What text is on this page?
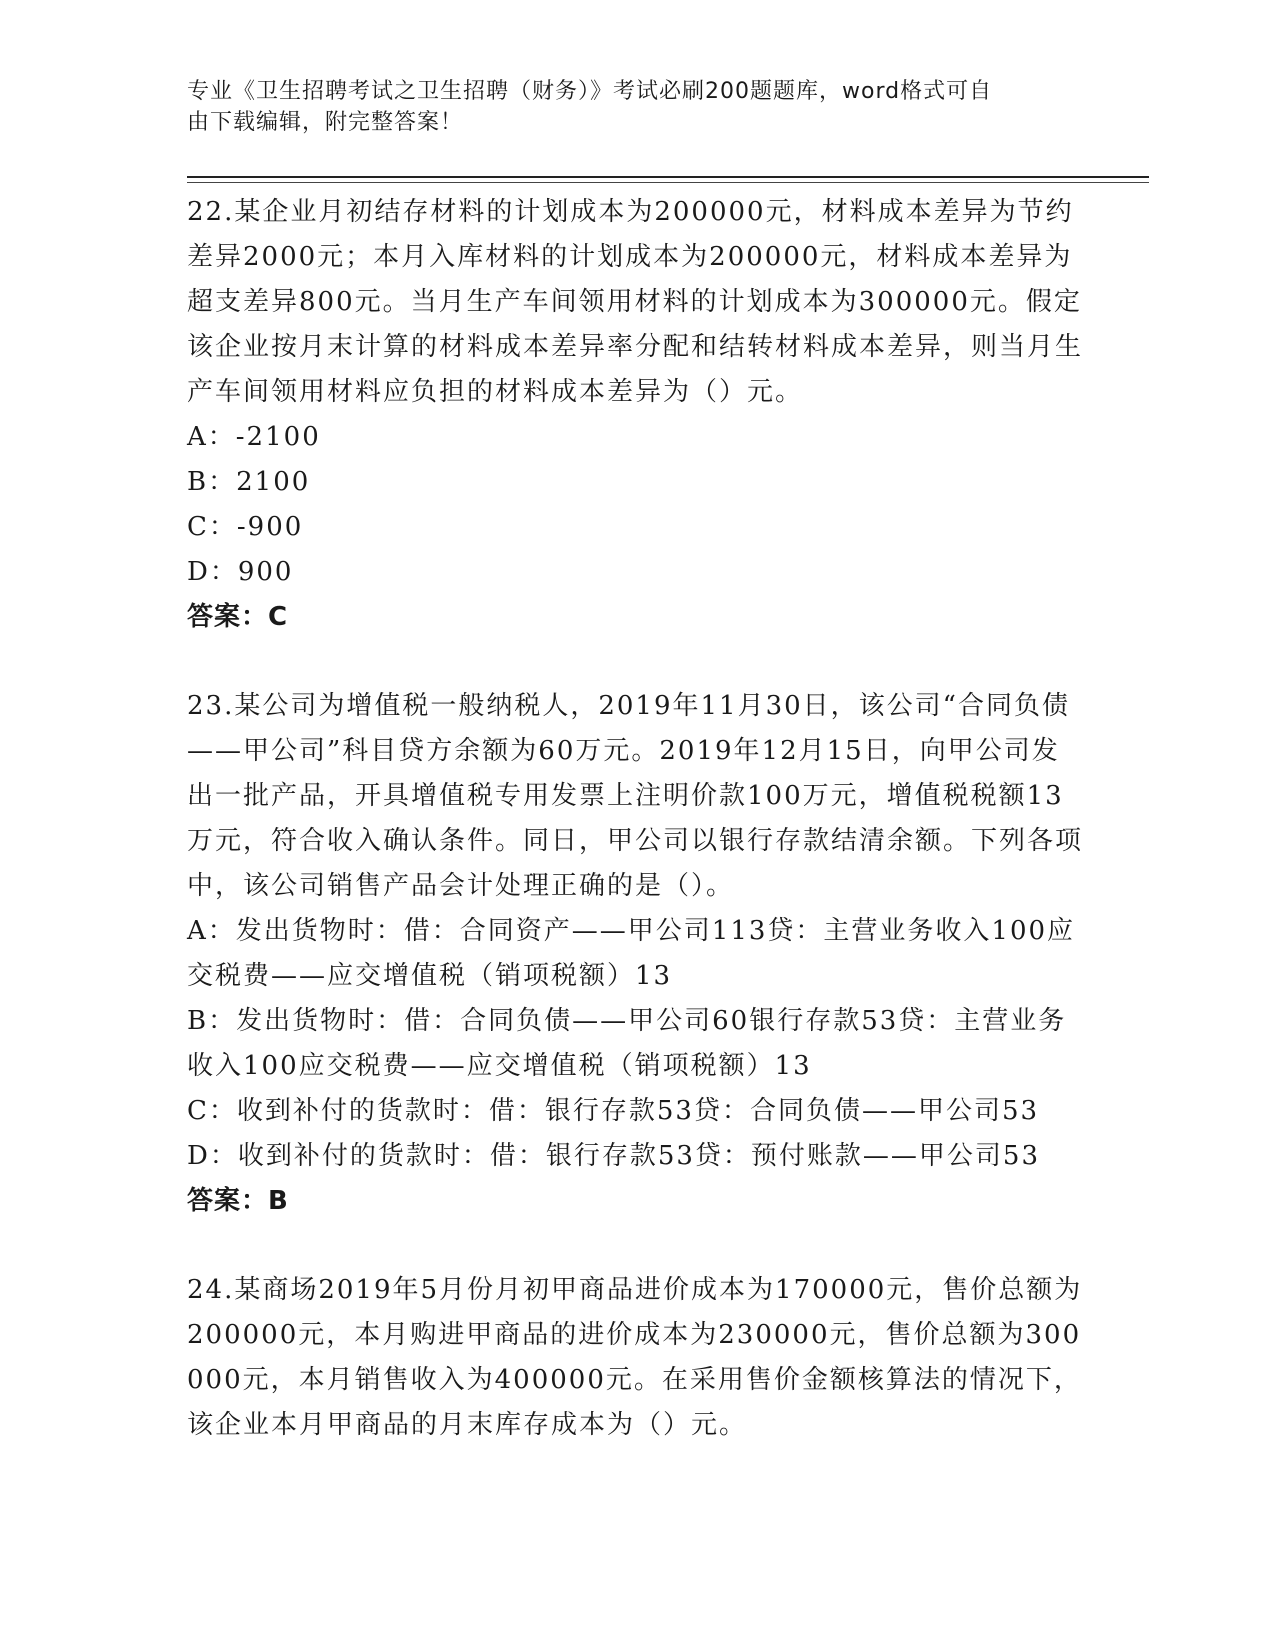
专业《卫生招聘考试之卫生招聘（财务）》考试必刷200题题库，word格式可自
由下载编辑，附完整答案！

22.某企业月初结存材料的计划成本为200000元，材料成本差异为节约差异2000元；本月入库材料的计划成本为200000元，材料成本差异为超支差异800元。当月生产车间领用材料的计划成本为300000元。假定该企业按月末计算的材料成本差异率分配和结转材料成本差异，则当月生产车间领用材料应负担的材料成本差异为（）元。

A：-2100

B：2100

C：-900

D：900

答案：C

23.某公司为增值税一般纳税人，2019年11月30日，该公司“合同负债——甲公司”科目贷方余额为60万元。2019年12月15日，向甲公司发出一批产品，开具增值税专用发票上注明价款100万元，增值税税额13万元，符合收入确认条件。同日，甲公司以银行存款结清余额。下列各项中，该公司销售产品会计处理正确的是（）。

A：发出货物时：借：合同资产——甲公司113贷：主营业务收入100应交税费——应交增值税（销项税额）13

B：发出货物时：借：合同负债——甲公司60银行存款53贷：主营业务收入100应交税费——应交增值税（销项税额）13

C：收到补付的货款时：借：银行存款53贷：合同负债——甲公司53

D：收到补付的货款时：借：银行存款53贷：预付账款——甲公司53

答案：B

24.某商场2019年5月份月初甲商品进价成本为170000元，售价总额为200000元，本月购进甲商品的进价成本为230000元，售价总额为300000元，本月销售收入为400000元。在采用售价金额核算法的情况下，该企业本月甲商品的月末库存成本为（）元。
